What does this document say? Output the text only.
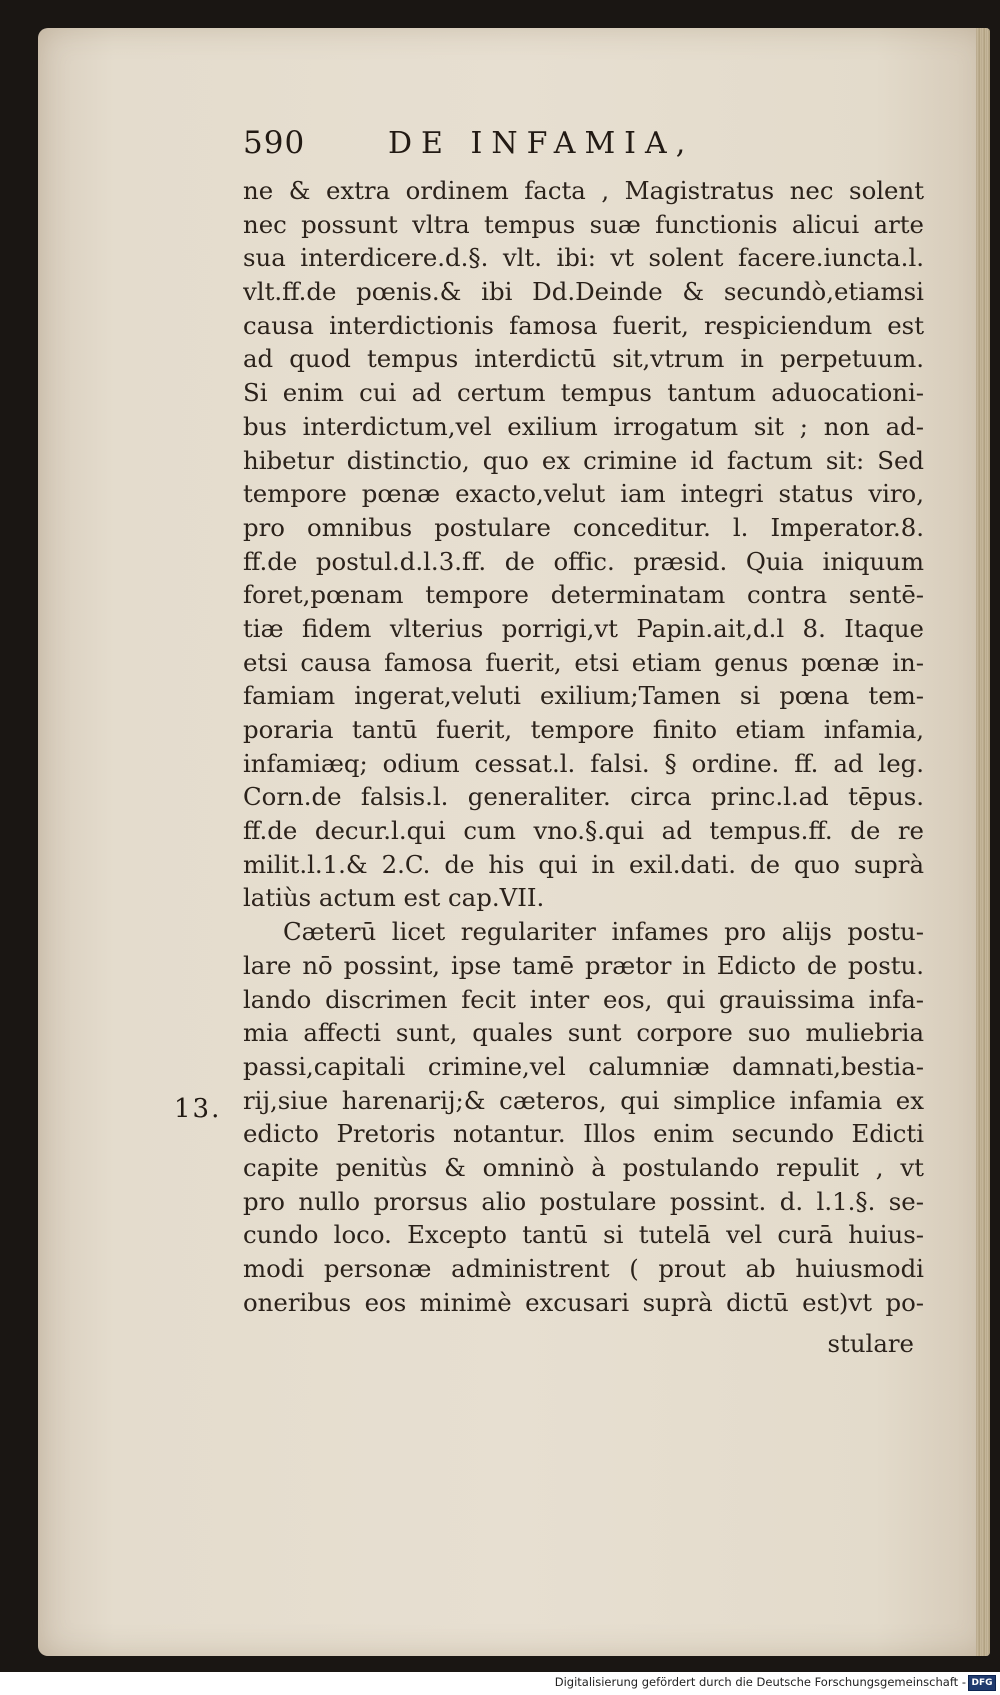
590	DE INFAMIA,
13.
ne & extra ordinem facta , Magistratus nec solent
nec possunt vltra tempus suæ functionis alicui arte
sua interdicere.d.§. vlt. ibi: vt solent facere.iuncta.l.
vlt.ff.de pœnis.& ibi Dd.Deinde & secundò,etiamsi
causa interdictionis famosa fuerit, respiciendum est
ad quod tempus interdictū sit,vtrum in perpetuum.
Si enim cui ad certum tempus tantum aduocationi-
bus interdictum,vel exilium irrogatum sit ; non ad-
hibetur distinctio, quo ex crimine id factum sit: Sed
tempore pœnæ exacto,velut iam integri status viro,
pro omnibus postulare conceditur. l. Imperator.8.
ff.de postul.d.l.3.ff. de offic. præsid. Quia iniquum
foret,pœnam tempore determinatam contra sentē-
tiæ fidem vlterius porrigi,vt Papin.ait,d.l 8. Itaque
etsi causa famosa fuerit, etsi etiam genus pœnæ in-
famiam ingerat,veluti exilium;Tamen si pœna tem-
poraria tantū fuerit, tempore finito etiam infamia,
infamiæq; odium cessat.l. falsi. § ordine. ff. ad leg.
Corn.de falsis.l. generaliter. circa princ.l.ad tēpus.
ff.de decur.l.qui cum vno.§.qui ad tempus.ff. de re
milit.l.1.& 2.C. de his qui in exil.dati. de quo suprà
latiùs actum est cap.VII.
Cæterū licet regulariter infames pro alijs postu-
lare nō possint, ipse tamē prætor in Edicto de postu.
lando discrimen fecit inter eos, qui grauissima infa-
mia affecti sunt, quales sunt corpore suo muliebria
passi,capitali crimine,vel calumniæ damnati,bestia-
rij,siue harenarij;& cæteros, qui simplice infamia ex
edicto Pretoris notantur. Illos enim secundo Edicti
capite penitùs & omninò à postulando repulit , vt
pro nullo prorsus alio postulare possint. d. l.1.§. se-
cundo loco. Excepto tantū si tutelā vel curā huius-
modi personæ administrent ( prout ab huiusmodi
oneribus eos minimè excusari suprà dictū est)vt po-
stulare
Digitalisierung gefördert durch die Deutsche Forschungsgemeinschaft - DFG
